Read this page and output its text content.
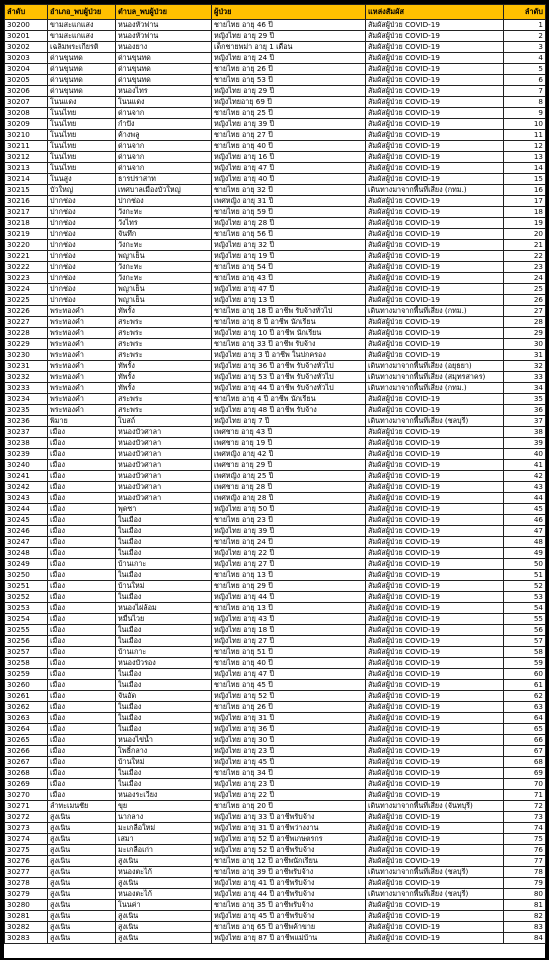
ลำดับ	อำเภอ_พบผู้ป่วย	ตำบล_พบผู้ป่วย	ผู้ป่วย	แหล่งสัมผัส	ลำดับ
30200	ขามสะแกแสง	หนองหัวฟาน	ชายไทย อายุ 46 ปี	สัมผัสผู้ป่วย COVID-19	1
30201	ขามสะแกแสง	หนองหัวฟาน	หญิงไทย อายุ 29 ปี	สัมผัสผู้ป่วย COVID-19	2
30202	เฉลิมพระเกียรติ	หนองยาง	เด็กชายพม่า อายุ 1 เดือน	สัมผัสผู้ป่วย COVID-19	3
30203	ด่านขุนทด	ด่านขุนทด	หญิงไทย อายุ 24 ปี	สัมผัสผู้ป่วย COVID-19	4
30204	ด่านขุนทด	ด่านขุนทด	ชายไทย อายุ 26 ปี	สัมผัสผู้ป่วย COVID-19	5
30205	ด่านขุนทด	ด่านขุนทด	ชายไทย อายุ 53 ปี	สัมผัสผู้ป่วย COVID-19	6
30206	ด่านขุนทด	หนองไทร	หญิงไทย อายุ 29 ปี	สัมผัสผู้ป่วย COVID-19	7
30207	โนนแดง	โนนแดง	หญิงไทยอายุ 69 ปี	สัมผัสผู้ป่วย COVID-19	8
30208	โนนไทย	ด่านจาก	ชายไทย อายุ 25 ปี	สัมผัสผู้ป่วย COVID-19	9
30209	โนนไทย	กำปัง	หญิงไทย อายุ 39 ปี	สัมผัสผู้ป่วย COVID-19	10
30210	โนนไทย	ค้างพลู	ชายไทย อายุ 27 ปี	สัมผัสผู้ป่วย COVID-19	11
30211	โนนไทย	ด่านจาก	ชายไทย อายุ 40 ปี	สัมผัสผู้ป่วย COVID-19	12
30212	โนนไทย	ด่านจาก	หญิงไทย อายุ 16 ปี	สัมผัสผู้ป่วย COVID-19	13
30213	โนนไทย	ด่านจาก	หญิงไทย อายุ 47 ปี	สัมผัสผู้ป่วย COVID-19	14
30214	โนนสูง	ธารปราสาท	หญิงไทย อายุ 40 ปี	สัมผัสผู้ป่วย COVID-19	15
30215	บัวใหญ่	เทศบาลเมืองบัวใหญ่	ชายไทย อายุ 32 ปี	เดินทางมาจากพื้นที่เสี่ยง (กทม.)	16
30216	ปากช่อง	ปากช่อง	เพศหญิง อายุ 31 ปี	สัมผัสผู้ป่วย COVID-19	17
30217	ปากช่อง	วังกะทะ	ชายไทย อายุ 59 ปี	สัมผัสผู้ป่วย COVID-19	18
30218	ปากช่อง	วังไทร	หญิงไทย อายุ 28 ปี	สัมผัสผู้ป่วย COVID-19	19
30219	ปากช่อง	จันทึก	ชายไทย อายุ 56 ปี	สัมผัสผู้ป่วย COVID-19	20
30220	ปากช่อง	วังกะทะ	หญิงไทย อายุ 32 ปี	สัมผัสผู้ป่วย COVID-19	21
30221	ปากช่อง	พญาเย็น	หญิงไทย อายุ 19 ปี	สัมผัสผู้ป่วย COVID-19	22
30222	ปากช่อง	วังกะทะ	ชายไทย อายุ 54 ปี	สัมผัสผู้ป่วย COVID-19	23
30223	ปากช่อง	วังกะทะ	ชายไทย อายุ 43 ปี	สัมผัสผู้ป่วย COVID-19	24
30224	ปากช่อง	พญาเย็น	หญิงไทย อายุ 47 ปี	สัมผัสผู้ป่วย COVID-19	25
30225	ปากช่อง	พญาเย็น	หญิงไทย อายุ 13 ปี	สัมผัสผู้ป่วย COVID-19	26
30226	พระทองคำ	ทัพรั้ง	ชายไทย อายุ 18 ปี อาชีพ รับจ้างทั่วไป	เดินทางมาจากพื้นที่เสี่ยง (กทม.)	27
30227	พระทองคำ	สระพระ	ชายไทย อายุ 8 ปี อาชีพ นักเรียน	สัมผัสผู้ป่วย COVID-19	28
30228	พระทองคำ	สระพระ	หญิงไทย อายุ 10 ปี อาชีพ นักเรียน	สัมผัสผู้ป่วย COVID-19	29
30229	พระทองคำ	สระพระ	ชายไทย อายุ 33 ปี อาชีพ รับจ้าง	สัมผัสผู้ป่วย COVID-19	30
30230	พระทองคำ	สระพระ	หญิงไทย อายุ 3 ปี อาชีพ ในปกครอง	สัมผัสผู้ป่วย COVID-19	31
30231	พระทองคำ	ทัพรั้ง	หญิงไทย อายุ 36 ปี อาชีพ รับจ้างทั่วไป	เดินทางมาจากพื้นที่เสี่ยง (อยุธยา)	32
30232	พระทองคำ	ทัพรั้ง	หญิงไทย อายุ 53 ปี อาชีพ รับจ้างทั่วไป	เดินทางมาจากพื้นที่เสี่ยง (สมุทรสาคร)	33
30233	พระทองคำ	ทัพรั้ง	หญิงไทย อายุ 44 ปี อาชีพ รับจ้างทั่วไป	เดินทางมาจากพื้นที่เสี่ยง (กทม.)	34
30234	พระทองคำ	สระพระ	ชายไทย อายุ 4 ปี อาชีพ นักเรียน	สัมผัสผู้ป่วย COVID-19	35
30235	พระทองคำ	สระพระ	หญิงไทย อายุ 48 ปี อาชีพ รับจ้าง	สัมผัสผู้ป่วย COVID-19	36
30236	พิมาย	โบสถ์	หญิงไทย อายุ 7 ปี	เดินทางมาจากพื้นที่เสี่ยง (ชลบุรี)	37
30237	เมือง	หนองบัวศาลา	เพศชาย อายุ 43 ปี	สัมผัสผู้ป่วย COVID-19	38
30238	เมือง	หนองบัวศาลา	เพศชาย อายุ 19 ปี	สัมผัสผู้ป่วย COVID-19	39
30239	เมือง	หนองบัวศาลา	เพศหญิง อายุ 42 ปี	สัมผัสผู้ป่วย COVID-19	40
30240	เมือง	หนองบัวศาลา	เพศชาย อายุ 29 ปี	สัมผัสผู้ป่วย COVID-19	41
30241	เมือง	หนองบัวศาลา	เพศหญิง อายุ 25 ปี	สัมผัสผู้ป่วย COVID-19	42
30242	เมือง	หนองบัวศาลา	เพศชาย อายุ 28 ปี	สัมผัสผู้ป่วย COVID-19	43
30243	เมือง	หนองบัวศาลา	เพศหญิง อายุ 28 ปี	สัมผัสผู้ป่วย COVID-19	44
30244	เมือง	พุดซา	หญิงไทย อายุ 50 ปี	สัมผัสผู้ป่วย COVID-19	45
30245	เมือง	ในเมือง	ชายไทย อายุ 23 ปี	สัมผัสผู้ป่วย COVID-19	46
30246	เมือง	ในเมือง	หญิงไทย อายุ 39 ปี	สัมผัสผู้ป่วย COVID-19	47
30247	เมือง	ในเมือง	ชายไทย อายุ 24 ปี	สัมผัสผู้ป่วย COVID-19	48
30248	เมือง	ในเมือง	หญิงไทย อายุ 22 ปี	สัมผัสผู้ป่วย COVID-19	49
30249	เมือง	บ้านเกาะ	หญิงไทย อายุ 27 ปี	สัมผัสผู้ป่วย COVID-19	50
30250	เมือง	ในเมือง	ชายไทย อายุ 13 ปี	สัมผัสผู้ป่วย COVID-19	51
30251	เมือง	บ้านใหม่	ชายไทย อายุ 29 ปี	สัมผัสผู้ป่วย COVID-19	52
30252	เมือง	ในเมือง	หญิงไทย อายุ 44 ปี	สัมผัสผู้ป่วย COVID-19	53
30253	เมือง	หนองไผ่ล้อม	ชายไทย อายุ 13 ปี	สัมผัสผู้ป่วย COVID-19	54
30254	เมือง	หมื่นไวย	หญิงไทย อายุ 43 ปี	สัมผัสผู้ป่วย COVID-19	55
30255	เมือง	ในเมือง	หญิงไทย อายุ 18 ปี	สัมผัสผู้ป่วย COVID-19	56
30256	เมือง	ในเมือง	หญิงไทย อายุ 27 ปี	สัมผัสผู้ป่วย COVID-19	57
30257	เมือง	บ้านเกาะ	ชายไทย อายุ 51 ปี	สัมผัสผู้ป่วย COVID-19	58
30258	เมือง	หนองบัวรอง	ชายไทย อายุ 40 ปี	สัมผัสผู้ป่วย COVID-19	59
30259	เมือง	ในเมือง	หญิงไทย อายุ 47 ปี	สัมผัสผู้ป่วย COVID-19	60
30260	เมือง	ในเมือง	ชายไทย อายุ 45 ปี	สัมผัสผู้ป่วย COVID-19	61
30261	เมือง	จันอัด	หญิงไทย อายุ 52 ปี	สัมผัสผู้ป่วย COVID-19	62
30262	เมือง	ในเมือง	ชายไทย อายุ 26 ปี	สัมผัสผู้ป่วย COVID-19	63
30263	เมือง	ในเมือง	หญิงไทย อายุ 31 ปี	สัมผัสผู้ป่วย COVID-19	64
30264	เมือง	ในเมือง	หญิงไทย อายุ 36 ปี	สัมผัสผู้ป่วย COVID-19	65
30265	เมือง	หนองไข่น้ำ	หญิงไทย อายุ 30 ปี	สัมผัสผู้ป่วย COVID-19	66
30266	เมือง	โพธิ์กลาง	หญิงไทย อายุ 23 ปี	สัมผัสผู้ป่วย COVID-19	67
30267	เมือง	บ้านใหม่	หญิงไทย อายุ 45 ปี	สัมผัสผู้ป่วย COVID-19	68
30268	เมือง	ในเมือง	ชายไทย อายุ 34 ปี	สัมผัสผู้ป่วย COVID-19	69
30269	เมือง	ในเมือง	หญิงไทย อายุ 23 ปี	สัมผัสผู้ป่วย COVID-19	70
30270	เมือง	หนองระเวียง	หญิงไทย อายุ 22 ปี	สัมผัสผู้ป่วย COVID-19	71
30271	ลำทะเมนชัย	ขุย	ชายไทย อายุ 20 ปี	เดินทางมาจากพื้นที่เสี่ยง (จันทบุรี)	72
30272	สูงเนิน	นากลาง	หญิงไทย อายุ 33 ปี อาชีพรับจ้าง	สัมผัสผู้ป่วย COVID-19	73
30273	สูงเนิน	มะเกลือใหม่	หญิงไทย อายุ 31 ปี อาชีพว่างงาน	สัมผัสผู้ป่วย COVID-19	74
30274	สูงเนิน	เสมา	หญิงไทย อายุ 52 ปี อาชีพเกษตรกร	สัมผัสผู้ป่วย COVID-19	75
30275	สูงเนิน	มะเกลือเก่า	หญิงไทย อายุ 52 ปี อาชีพรับจ้าง	สัมผัสผู้ป่วย COVID-19	76
30276	สูงเนิน	สูงเนิน	ชายไทย อายุ 12 ปี อาชีพนักเรียน	สัมผัสผู้ป่วย COVID-19	77
30277	สูงเนิน	หนองตะไก้	ชายไทย อายุ 39 ปี อาชีพรับจ้าง	เดินทางมาจากพื้นที่เสี่ยง (ชลบุรี)	78
30278	สูงเนิน	สูงเนิน	หญิงไทย อายุ 41 ปี อาชีพรับจ้าง	สัมผัสผู้ป่วย COVID-19	79
30279	สูงเนิน	หนองตะไก้	หญิงไทย อายุ 44 ปี อาชีพรับจ้าง	เดินทางมาจากพื้นที่เสี่ยง (ชลบุรี)	80
30280	สูงเนิน	โนนค่า	ชายไทย อายุ 35 ปี อาชีพรับจ้าง	สัมผัสผู้ป่วย COVID-19	81
30281	สูงเนิน	สูงเนิน	หญิงไทย อายุ 45 ปี อาชีพรับจ้าง	สัมผัสผู้ป่วย COVID-19	82
30282	สูงเนิน	สูงเนิน	ชายไทย อายุ 65 ปี อาชีพค้าขาย	สัมผัสผู้ป่วย COVID-19	83
30283	สูงเนิน	สูงเนิน	หญิงไทย อายุ 87 ปี อาชีพแม่บ้าน	สัมผัสผู้ป่วย COVID-19	84
